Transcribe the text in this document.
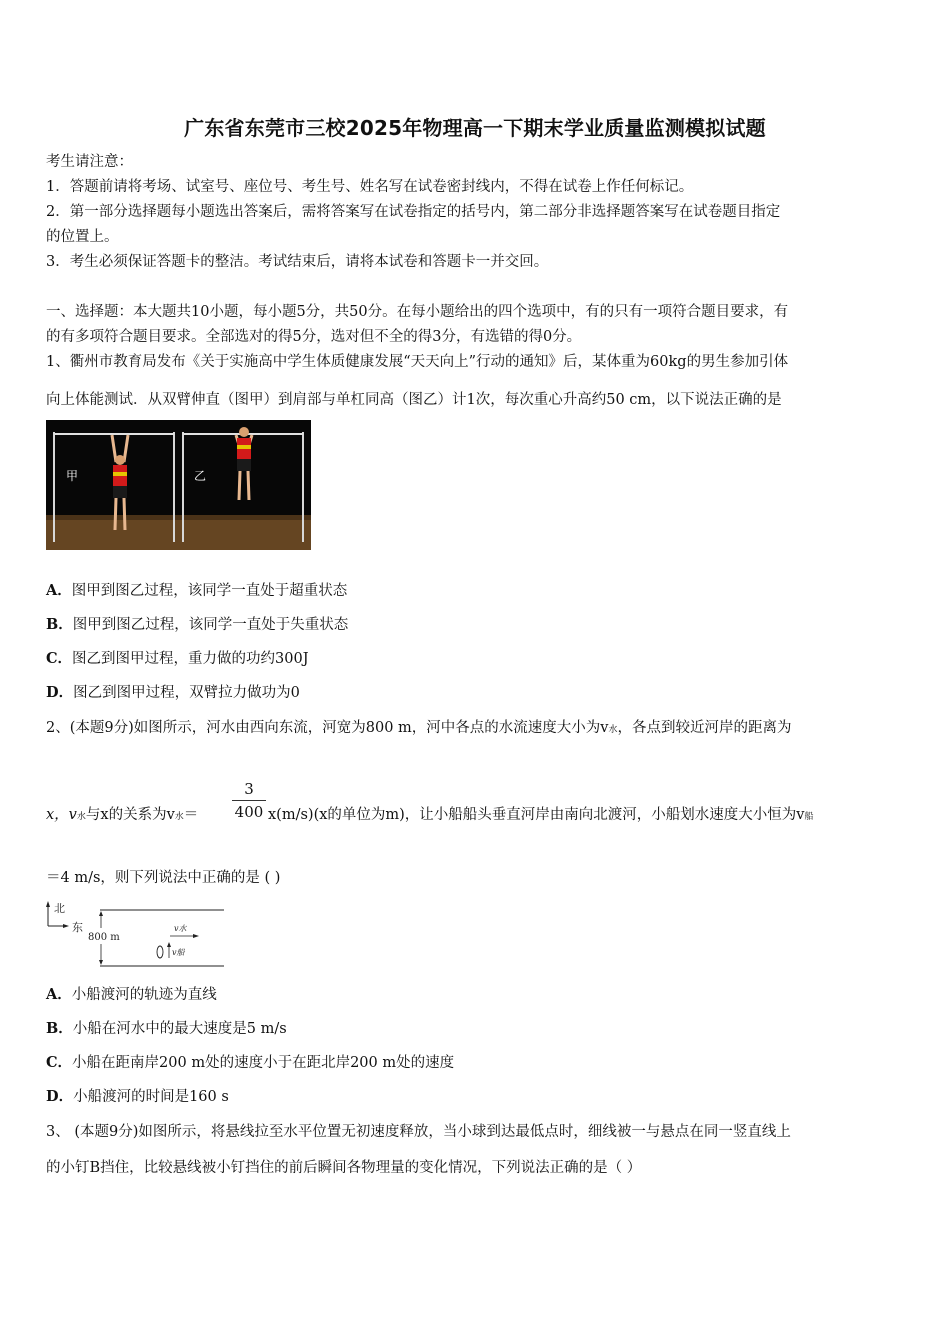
广东省东莞市三校2025年物理高一下期末学业质量监测模拟试题
考生请注意：
1．答题前请将考场、试室号、座位号、考生号、姓名写在试卷密封线内，不得在试卷上作任何标记。
2．第一部分选择题每小题选出答案后，需将答案写在试卷指定的括号内，第二部分非选择题答案写在试卷题目指定
的位置上。
3．考生必须保证答题卡的整洁。考试结束后，请将本试卷和答题卡一并交回。
一、选择题：本大题共10小题，每小题5分，共50分。在每小题给出的四个选项中，有的只有一项符合题目要求，有
的有多项符合题目要求。全部选对的得5分，选对但不全的得3分，有选错的得0分。
1、衢州市教育局发布《关于实施高中学生体质健康发展“天天向上”行动的通知》后，某体重为60kg的男生参加引体
向上体能测试．从双臂伸直（图甲）到肩部与单杠同高（图乙）计1次，每次重心升高约50 cm，以下说法正确的是
甲	乙
A．图甲到图乙过程，该同学一直处于超重状态
B．图甲到图乙过程，该同学一直处于失重状态
C．图乙到图甲过程，重力做的功约300J
D．图乙到图甲过程，双臂拉力做功为0
2、(本题9分)如图所示，河水由西向东流，河宽为800 m，河中各点的水流速度大小为v水，各点到较近河岸的距离为
3
400
x，v水与x的关系为v水＝	x(m/s)(x的单位为m)，让小船船头垂直河岸由南向北渡河，小船划水速度大小恒为v船
＝4 m/s，则下列说法中正确的是 ( )
北
东
800 m
v水
v船
A．小船渡河的轨迹为直线
B．小船在河水中的最大速度是5 m/s
C．小船在距南岸200 m处的速度小于在距北岸200 m处的速度
D．小船渡河的时间是160 s
3、 (本题9分)如图所示，将悬线拉至水平位置无初速度释放，当小球到达最低点时，细线被一与悬点在同一竖直线上
的小钉B挡住，比较悬线被小钉挡住的前后瞬间各物理量的变化情况，下列说法正确的是（ ）
